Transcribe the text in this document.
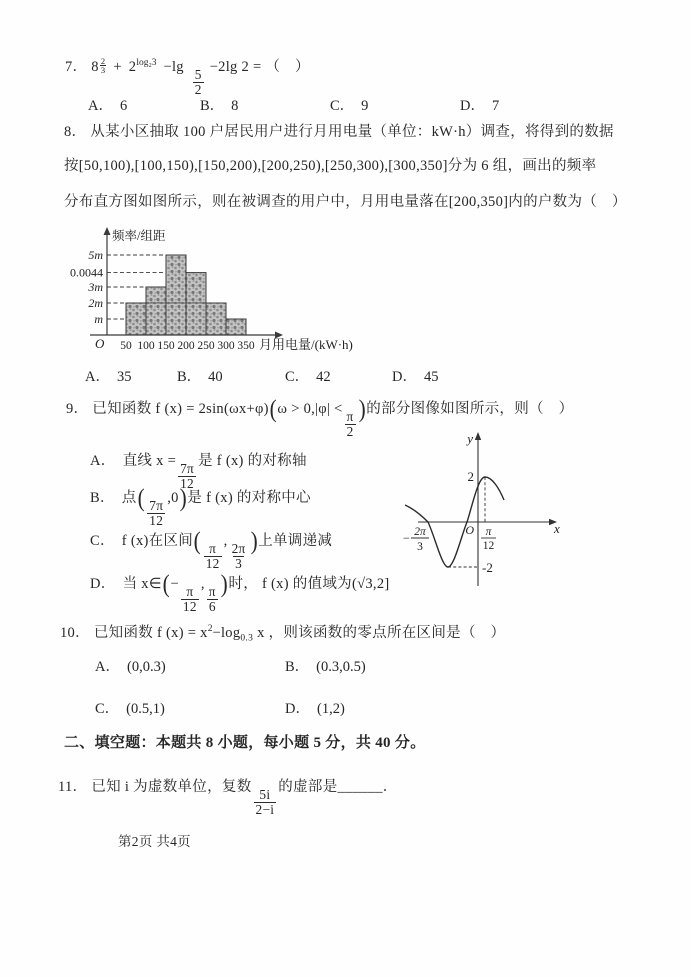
7． $8 \frac{2}{3} + 2^{log_23} -\lg$
$\frac{5}{2}$
−2lg 2 = （　）
A． 6	B． 8	C． 9	D． 7
8． 从某小区抽取 100 户居民用户进行月用电量（单位：kW·h）调查，将得到的数据
按[50,100),[100,150),[150,200),[200,250),[250,300),[300,350]分为 6 组，画出的频率
分布直方图如图所示，则在被调查的用户中，月用电量落在[200,350]内的户数为（　）
5m
0.0044
3m
2m
m
50 100 150 200 250 300 350
频率/组距
月用电量/(kW·h)
O
A． 35	B． 40	C． 42	D． 45
9． 已知函数 f (x) = 2sin(ωx+φ)(ω > 0,|φ| <
$\frac{\pi}{2}$
)的部分图像如图所示，则（　）
A． 直线 x =
$\frac{7\pi}{12}$
是 f (x) 的对称轴
B． 点(
$\frac{7\pi}{12}$
,0)是 f (x) 的对称中心
C． f (x)在区间(
$\frac{\pi}{12}$
,
$\frac{2\pi}{3}$
)上单调递减
D． 当 x∈(−
$\frac{\pi}{12}$
,
$\frac{\pi}{6}$
)时， f (x) 的值域为(√3,2]
y
x
O
2
-2
π
12
− 2π
3
10． 已知函数 f $(x) = x^2-\log_{0.3}$ x ，则该函数的零点所在区间是（　）
A． (0,0.3)	B． (0.3,0.5)
C． (0.5,1)	D． (1,2)
二、填空题：本题共 8 小题，每小题 5 分，共 40 分。
11． 已知 i 为虚数单位，复数
$\frac{5i}{2-i}$
的虚部是______．
第2页 共4页
